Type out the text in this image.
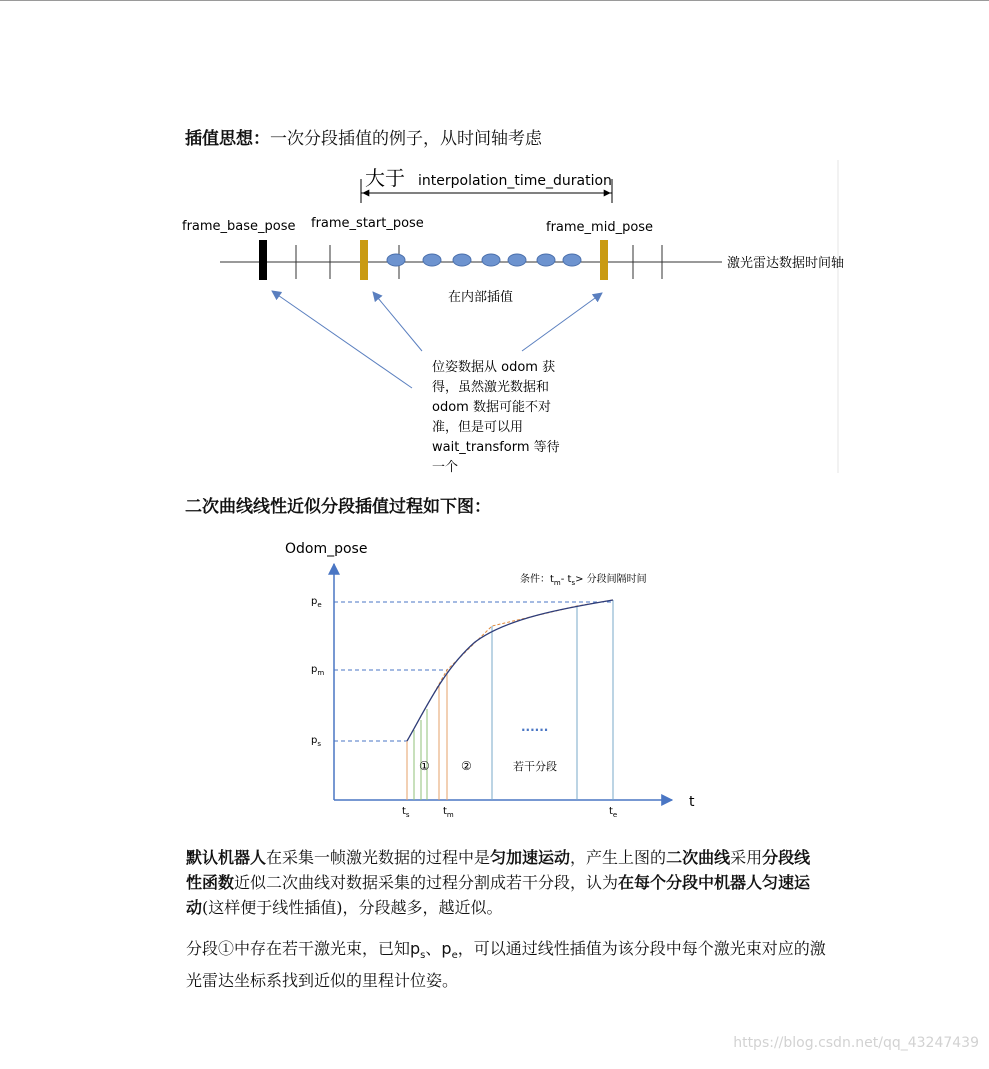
插值思想：一次分段插值的例子，从时间轴考虑
大于 interpolation_time_duration
激光雷达数据时间轴
frame_base_pose frame_start_pose	frame_mid_pose
在内部插值
位姿数据从 odom 获
得，虽然激光数据和
odom 数据可能不对
准，但是可以用
wait_transform 等待
一个
二次曲线线性近似分段插值过程如下图：
Odom_pose
t
条件：$t_m-$ $t_s>$ 分段间隔时间
$p_e$
$p_m$
$p_s$
$t_s$	$t_m$	$t_e$
①	②	若干分段
......
默认机器人在采集一帧激光数据的过程中是匀加速运动，产生上图的二次曲线采用分段线性函数近似二次曲线对数据采集的过程分割成若干分段，认为在每个分段中机器人匀速运动(这样便于线性插值)，分段越多，越近似。
分段①中存在若干激光束，已知$p_s$、$p_e$，可以通过线性插值为该分段中每个激光束对应的激光雷达坐标系找到近似的里程计位姿。
https://blog.csdn.net/qq_43247439
